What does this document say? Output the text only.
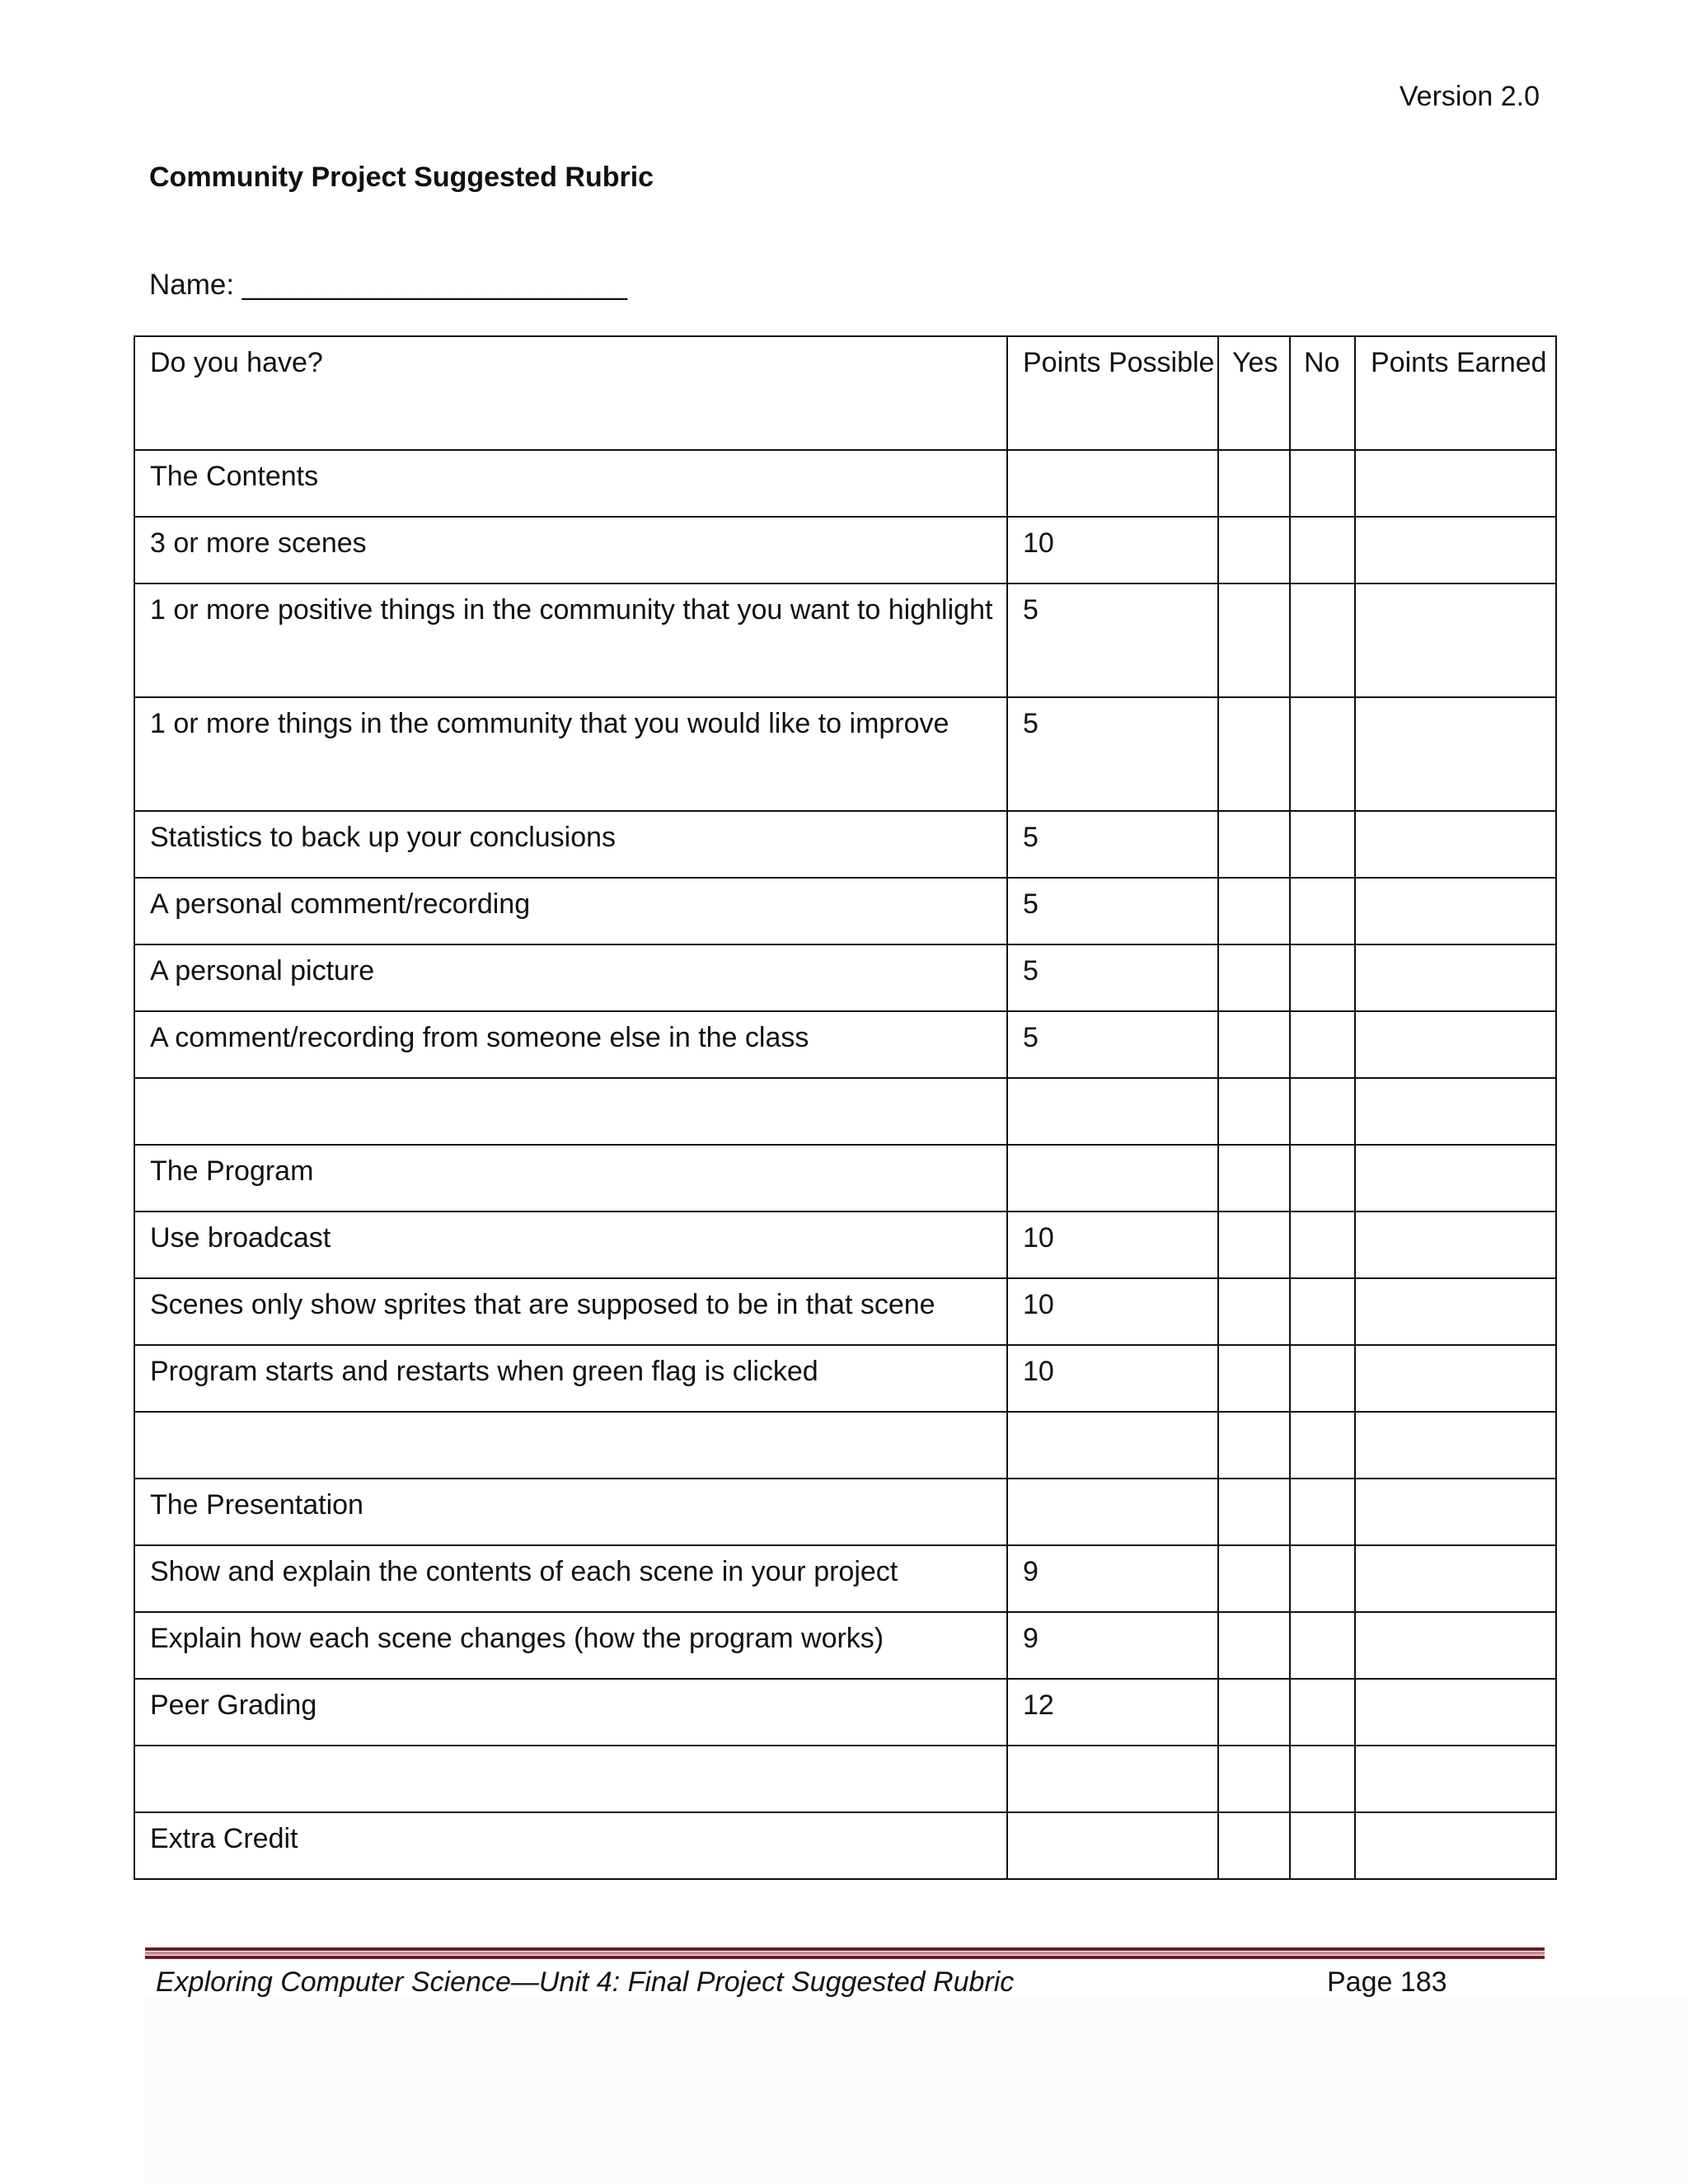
Version 2.0
Community Project Suggested Rubric
Name: ________________________
Do you have?	Points Possible	Yes	No	Points Earned
The Contents				
3 or more scenes	10			
1 or more positive things in the community that you want to highlight	5			
1 or more things in the community that you would like to improve	5			
Statistics to back up your conclusions	5			
A personal comment/recording	5			
A personal picture	5			
A comment/recording from someone else in the class	5			

The Program				
Use broadcast	10			
Scenes only show sprites that are supposed to be in that scene	10			
Program starts and restarts when green flag is clicked	10			

The Presentation				
Show and explain the contents of each scene in your project	9			
Explain how each scene changes (how the program works)	9			
Peer Grading	12			

Extra Credit				
Exploring Computer Science—Unit 4: Final Project Suggested Rubric	Page 183
